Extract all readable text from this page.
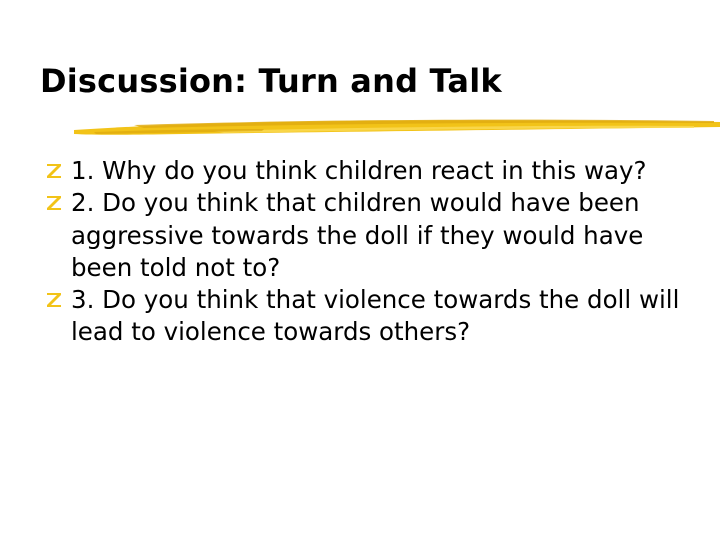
Discussion: Turn and Talk
1. Why do you think children react in this way?
2. Do you think that children would have been aggressive towards the doll if they would have been told not to?
3. Do you think that violence towards the doll will lead to violence towards others?
